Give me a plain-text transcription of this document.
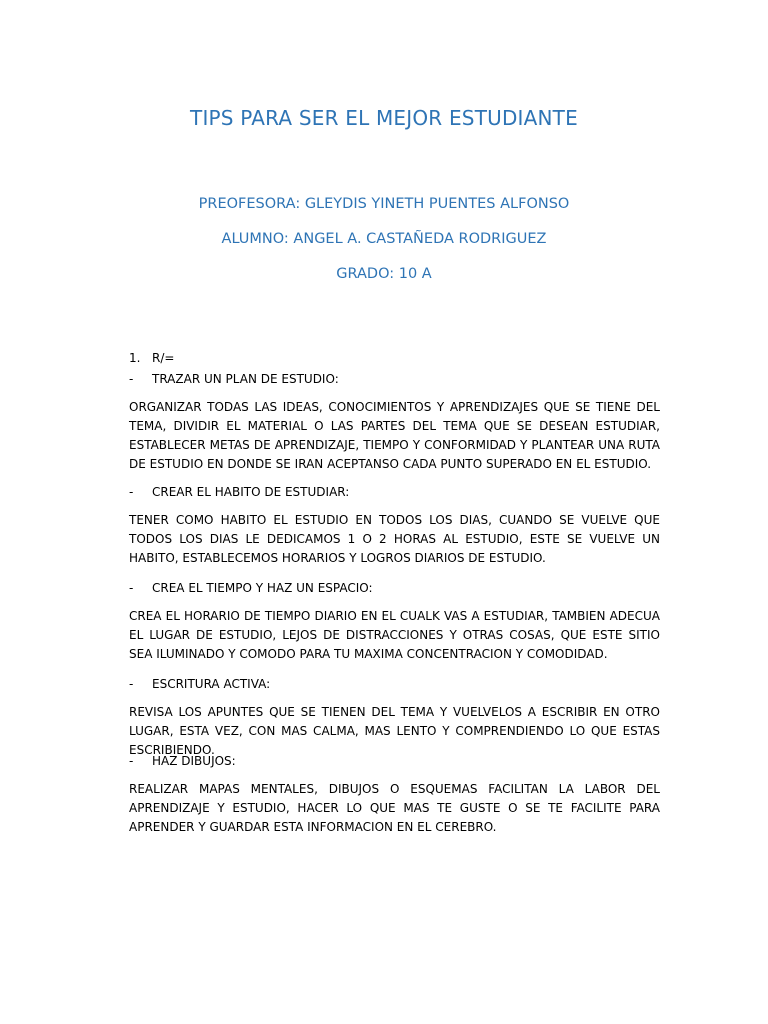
TIPS PARA SER EL MEJOR ESTUDIANTE
PREOFESORA: GLEYDIS YINETH PUENTES ALFONSO
ALUMNO: ANGEL A. CASTAÑEDA RODRIGUEZ
GRADO: 10 A
1. R/=
- TRAZAR UN PLAN DE ESTUDIO:
ORGANIZAR TODAS LAS IDEAS, CONOCIMIENTOS Y APRENDIZAJES QUE SE TIENE DEL TEMA, DIVIDIR EL MATERIAL O LAS PARTES DEL TEMA QUE SE DESEAN ESTUDIAR, ESTABLECER METAS DE APRENDIZAJE, TIEMPO Y CONFORMIDAD Y PLANTEAR UNA RUTA DE ESTUDIO EN DONDE SE IRAN ACEPTANSO CADA PUNTO SUPERADO EN EL ESTUDIO.
- CREAR EL HABITO DE ESTUDIAR:
TENER COMO HABITO EL ESTUDIO EN TODOS LOS DIAS, CUANDO SE VUELVE QUE TODOS LOS DIAS LE DEDICAMOS 1 O 2 HORAS AL ESTUDIO, ESTE SE VUELVE UN HABITO, ESTABLECEMOS HORARIOS Y LOGROS DIARIOS DE ESTUDIO.
- CREA EL TIEMPO Y HAZ UN ESPACIO:
CREA EL HORARIO DE TIEMPO DIARIO EN EL CUALK VAS A ESTUDIAR, TAMBIEN ADECUA EL LUGAR DE ESTUDIO, LEJOS DE DISTRACCIONES Y OTRAS COSAS, QUE ESTE SITIO SEA ILUMINADO Y COMODO PARA TU MAXIMA CONCENTRACION Y COMODIDAD.
- ESCRITURA ACTIVA:
REVISA LOS APUNTES QUE SE TIENEN DEL TEMA Y VUELVELOS A ESCRIBIR EN OTRO LUGAR, ESTA VEZ, CON MAS CALMA, MAS LENTO Y COMPRENDIENDO LO QUE ESTAS ESCRIBIENDO.
- HAZ DIBUJOS:
REALIZAR MAPAS MENTALES, DIBUJOS O ESQUEMAS FACILITAN LA LABOR DEL APRENDIZAJE Y ESTUDIO, HACER LO QUE MAS TE GUSTE O SE TE FACILITE PARA APRENDER Y GUARDAR ESTA INFORMACION EN EL CEREBRO.
